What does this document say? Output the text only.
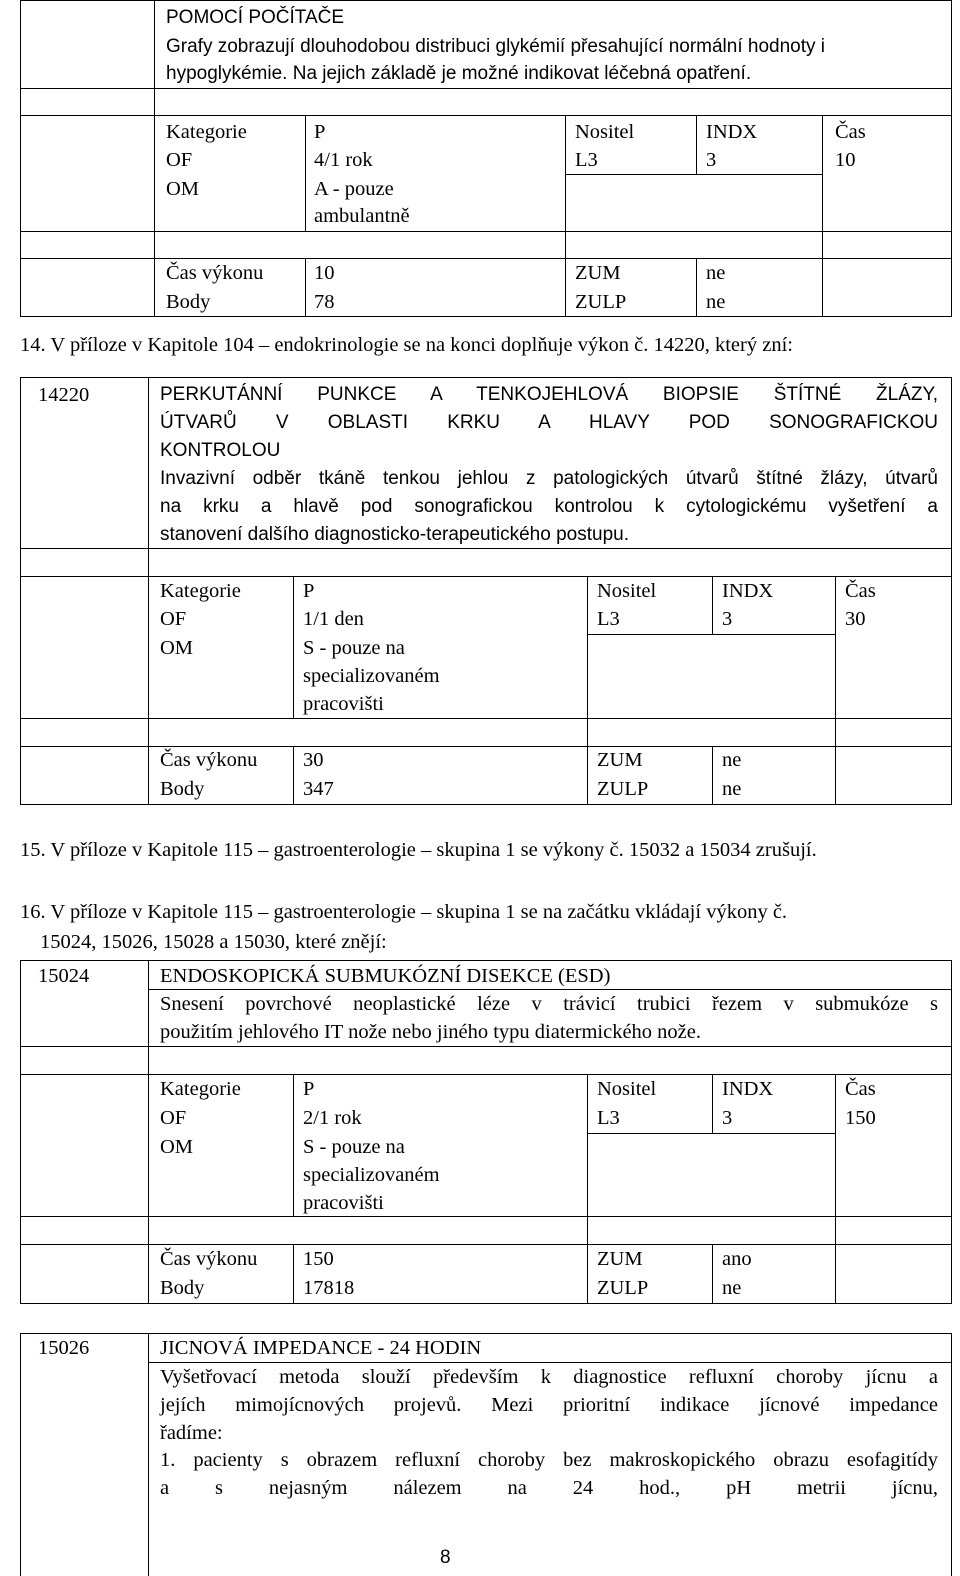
POMOCÍ POČÍTAČE
Grafy zobrazují dlouhodobou distribuci glykémií přesahující normální hodnoty i
hypoglykémie. Na jejich základě je možné indikovat léčebná opatření.
Kategorie	P	Nositel	INDX	Čas
OF	4/1 rok	L3	3	10
OM	A - pouze
ambulantně
Čas výkonu 10	ZUM	ne
Body	78	ZULP	ne
14. V příloze v Kapitole 104 – endokrinologie se na konci doplňuje výkon č. 14220, který zní:
14220	PERKUTÁNNÍ PUNKCE A TENKOJEHLOVÁ BIOPSIE ŠTÍTNÉ ŽLÁZY,
ÚTVARŮ V OBLASTI KRKU A HLAVY POD SONOGRAFICKOU
KONTROLOU
Invazivní odběr tkáně tenkou jehlou z patologických útvarů štítné žlázy, útvarů
na krku a hlavě pod sonografickou kontrolou k cytologickému vyšetření a
stanovení dalšího diagnosticko-terapeutického postupu.
Kategorie	P	Nositel	INDX	Čas
OF	1/1 den	L3	3	30
OM	S - pouze na
specializovaném
pracovišti
Čas výkonu 30	ZUM	ne
Body	347	ZULP	ne
15. V příloze v Kapitole 115 – gastroenterologie – skupina 1 se výkony č. 15032 a 15034 zrušují.
16. V příloze v Kapitole 115 – gastroenterologie – skupina 1 se na začátku vkládají výkony č.
15024, 15026, 15028 a 15030, které znějí:
15024	ENDOSKOPICKÁ SUBMUKÓZNÍ DISEKCE (ESD)
Snesení povrchové neoplastické léze v trávicí trubici řezem v submukóze s
použitím jehlového IT nože nebo jiného typu diatermického nože.
Kategorie	P	Nositel	INDX	Čas
OF	2/1 rok	L3	3	150
OM	S - pouze na
specializovaném
pracovišti
Čas výkonu 150	ZUM	ano
Body	17818	ZULP	ne
15026	JICNOVÁ IMPEDANCE - 24 HODIN
Vyšetřovací metoda slouží především k diagnostice refluxní choroby jícnu a
jejích mimojícnových projevů. Mezi prioritní indikace jícnové impedance
řadíme:
1. pacienty s obrazem refluxní choroby bez makroskopického obrazu esofagitídy
a s nejasným nálezem na 24 hod., pH metrii jícnu,
8
